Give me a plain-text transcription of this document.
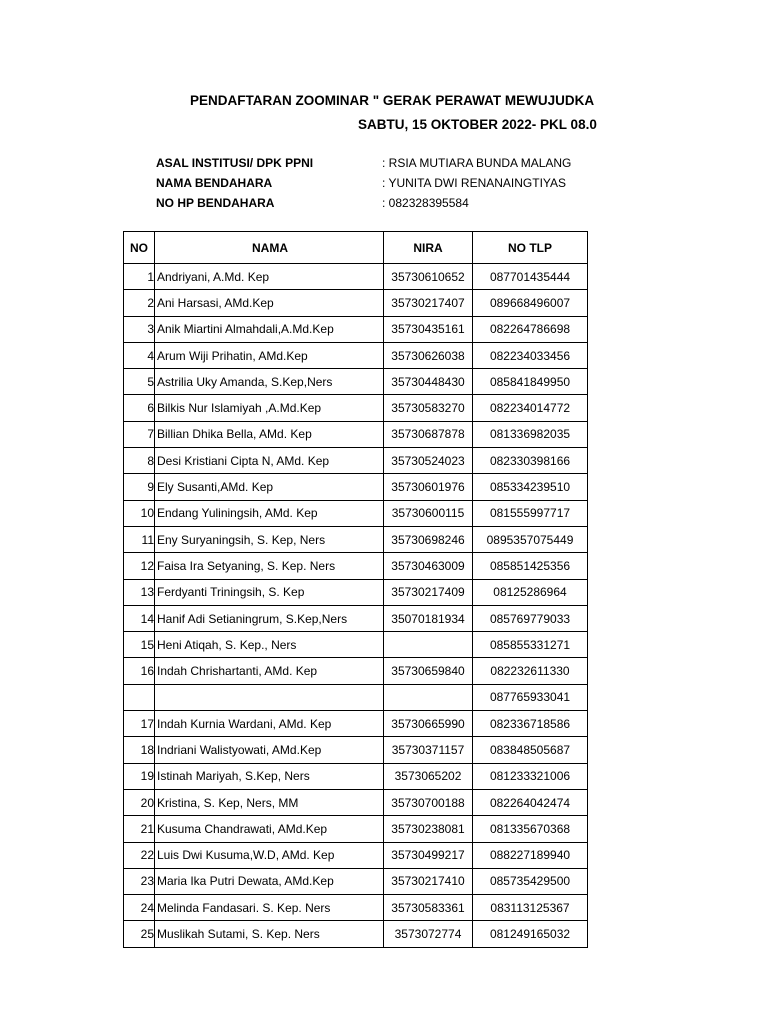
PENDAFTARAN ZOOMINAR " GERAK PERAWAT MEWUJUDKA
SABTU, 15 OKTOBER 2022- PKL 08.0
ASAL INSTITUSI/ DPK PPNI	: RSIA MUTIARA BUNDA MALANG
NAMA BENDAHARA	: YUNITA DWI RENANAINGTIYAS
NO HP BENDAHARA	: 082328395584
NO	NAMA	NIRA	NO TLP
1	Andriyani, A.Md. Kep	35730610652	087701435444
2	Ani Harsasi, AMd.Kep	35730217407	089668496007
3	Anik Miartini Almahdali,A.Md.Kep	35730435161	082264786698
4	Arum Wiji Prihatin, AMd.Kep	35730626038	082234033456
5	Astrilia Uky Amanda, S.Kep,Ners	35730448430	085841849950
6	Bilkis Nur Islamiyah ,A.Md.Kep	35730583270	082234014772
7	Billian Dhika Bella, AMd. Kep	35730687878	081336982035
8	Desi Kristiani Cipta N, AMd. Kep	35730524023	082330398166
9	Ely Susanti,AMd. Kep	35730601976	085334239510
10	Endang Yuliningsih, AMd. Kep	35730600115	081555997717
11	Eny Suryaningsih, S. Kep, Ners	35730698246	0895357075449
12	Faisa Ira Setyaning, S. Kep. Ners	35730463009	085851425356
13	Ferdyanti Triningsih, S. Kep	35730217409	08125286964
14	Hanif Adi Setianingrum, S.Kep,Ners	35070181934	085769779033
15	Heni Atiqah, S. Kep., Ners		085855331271
16	Indah Chrishartanti, AMd. Kep	35730659840	082232611330
			087765933041
17	Indah Kurnia Wardani, AMd. Kep	35730665990	082336718586
18	Indriani Walistyowati, AMd.Kep	35730371157	083848505687
19	Istinah Mariyah, S.Kep, Ners	3573065202	081233321006
20	Kristina, S. Kep, Ners, MM	35730700188	082264042474
21	Kusuma Chandrawati, AMd.Kep	35730238081	081335670368
22	Luis Dwi Kusuma,W.D, AMd. Kep	35730499217	088227189940
23	Maria Ika Putri Dewata, AMd.Kep	35730217410	085735429500
24	Melinda Fandasari. S. Kep. Ners	35730583361	083113125367
25	Muslikah Sutami, S. Kep. Ners	3573072774	081249165032
